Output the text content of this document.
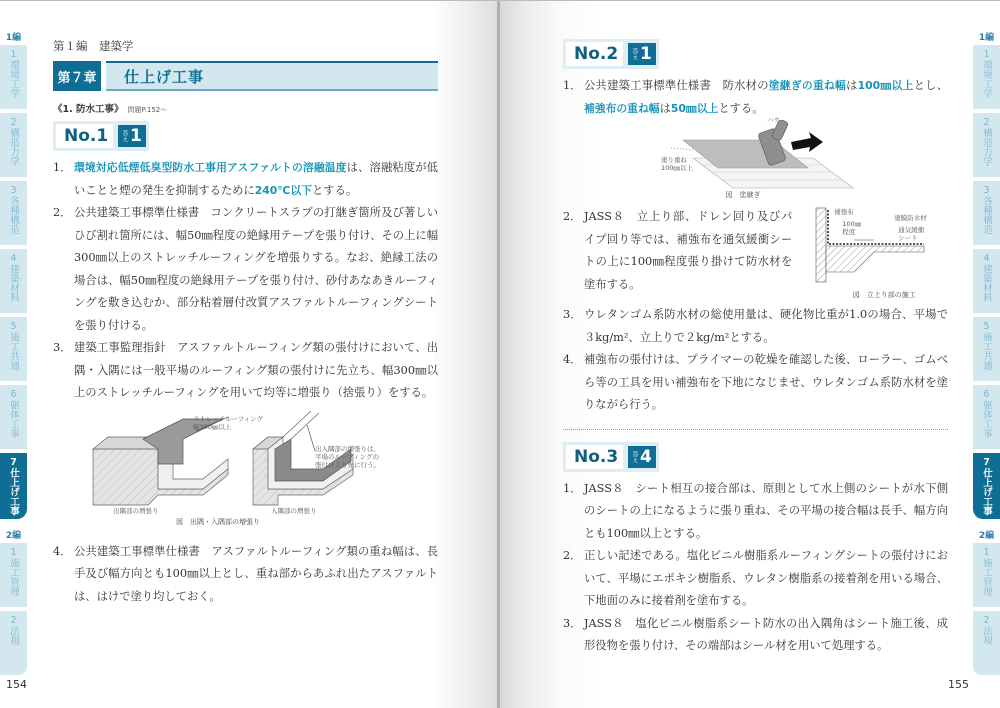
1編
1
環境工学
2
構造力学
3
各種構造
4
建築材料
5
施工共通
6
躯体工事
7
仕上げ工事
2編
1
施工管理
2
法規
第１編　建築学
第７章	仕上げ工事
《1. 防水工事》 問題P.152～
No.1	答え 1
1． 環境対応低煙低臭型防水工事用アスファルトの溶融温度は、溶融粘度が低いことと煙の発生を抑制するために240℃以下とする。
2． 公共建築工事標準仕様書　コンクリートスラブの打継ぎ箇所及び著しいひび割れ箇所には、幅50㎜程度の絶縁用テープを張り付け、その上に幅300㎜以上のストレッチルーフィングを増張りする。なお、絶縁工法の場合は、幅50㎜程度の絶縁用テープを張り付け、砂付あなあきルーフィングを敷き込むか、部分粘着層付改質アスファルトルーフィングシートを張り付ける。
3． 建築工事監理指針　アスファルトルーフィング類の張付けにおいて、出隅・入隅には一般平場のルーフィング類の張付けに先立ち、幅300㎜以上のストレッチルーフィングを用いて均等に増張り（捨張り）をする。
ストレッチルーフィング
幅300㎜以上
出入隅部の増張りは、
平場のルーフィングの
張付けより先に行う。
出隅部の増張り	入隅部の増張り
図　出隅・入隅部の増張り
4． 公共建築工事標準仕様書　アスファルトルーフィング類の重ね幅は、長手及び幅方向とも100㎜以上とし、重ね部からあふれ出たアスファルトは、はけで塗り均しておく。
154	155
No.2	答え 1
1． 公共建築工事標準仕様書　防水材の塗継ぎの重ね幅は100㎜以上とし、補強布の重ね幅は50㎜以上とする。
ハケ
塗り重ね
100㎜以上
図　塗継ぎ
2． JASS８　立上り部、ドレン回り及びパイプ回り等では、補強布を通気緩衝シートの上に100㎜程度張り掛けて防水材を塗布する。
補強布
100㎜
程度
塗膜防水材
通気緩衝
シート
図　立上り部の施工
3． ウレタンゴム系防水材の総使用量は、硬化物比重が1.0の場合、平場で３kg/m²、立上りで２kg/m²とする。
4． 補強布の張付けは、プライマーの乾燥を確認した後、ローラー、ゴムべら等の工具を用い補強布を下地になじませ、ウレタンゴム系防水材を塗りながら行う。
No.3	答え 4
1． JASS８　シート相互の接合部は、原則として水上側のシートが水下側のシートの上になるように張り重ね、その平場の接合幅は長手、幅方向とも100㎜以上とする。
2． 正しい記述である。塩化ビニル樹脂系ルーフィングシートの張付けにおいて、平場にエポキシ樹脂系、ウレタン樹脂系の接着剤を用いる場合、下地面のみに接着剤を塗布する。
3． JASS８　塩化ビニル樹脂系シート防水の出入隅角はシート施工後、成形役物を張り付け、その端部はシール材を用いて処理する。
1編
1
環境工学
2
構造力学
3
各種構造
4
建築材料
5
施工共通
6
躯体工事
7
仕上げ工事
2編
1
施工管理
2
法規
